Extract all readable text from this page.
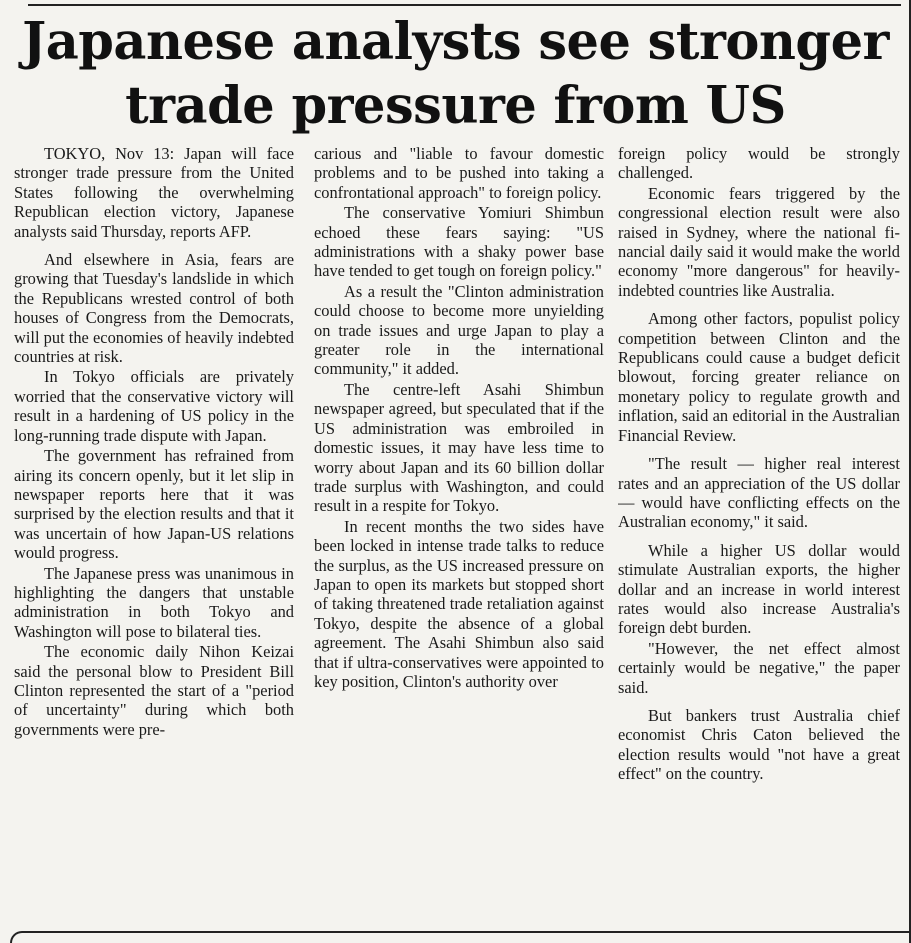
Japanese analysts see stronger
trade pressure from US

TOKYO, Nov 13: Japan will face stronger trade pressure from the United States following the overwhelming Republican election victory, Japanese analysts said Thursday, reports AFP.

And elsewhere in Asia, fears are growing that Tuesday's landslide in which the Republicans wrested control of both houses of Congress from the Democrats, will put the economies of heavily indebted countries at risk.

In Tokyo officials are privately worried that the conservative victory will result in a hardening of US policy in the long-running trade dispute with Japan.

The government has refrained from airing its concern openly, but it let slip in newspaper reports here that it was surprised by the election results and that it was uncertain of how Japan-US relations would progress.

The Japanese press was unanimous in highlighting the dangers that unstable administration in both Tokyo and Washington will pose to bilateral ties.

The economic daily Nihon Keizai said the personal blow to President Bill Clinton represented the start of a "period of uncertainty" during which both governments were pre-

carious and "liable to favour domestic problems and to be pushed into taking a confrontational approach" to foreign policy.

The conservative Yomiuri Shimbun echoed these fears saying: "US administrations with a shaky power base have tended to get tough on foreign policy."

As a result the "Clinton administration could choose to become more unyielding on trade issues and urge Japan to play a greater role in the international community," it added.

The centre-left Asahi Shimbun newspaper agreed, but speculated that if the US administration was embroiled in domestic issues, it may have less time to worry about Japan and its 60 billion dollar trade surplus with Washington, and could result in a respite for Tokyo.

In recent months the two sides have been locked in intense trade talks to reduce the surplus, as the US increased pressure on Japan to open its markets but stopped short of taking threatened trade retaliation against Tokyo, despite the absence of a global agreement. The Asahi Shimbun also said that if ultra-conservatives were appointed to key position, Clinton's authority over

foreign policy would be strongly challenged.

Economic fears triggered by the congressional election result were also raised in Sydney, where the national financial daily said it would make the world economy "more dangerous" for heavily-indebted countries like Australia.

Among other factors, populist policy competition between Clinton and the Republicans could cause a budget deficit blowout, forcing greater reliance on monetary policy to regulate growth and inflation, said an editorial in the Australian Financial Review.

"The result — higher real interest rates and an appreciation of the US dollar — would have conflicting effects on the Australian economy," it said.

While a higher US dollar would stimulate Australian exports, the higher dollar and an increase in world interest rates would also increase Australia's foreign debt burden.

"However, the net effect almost certainly would be negative," the paper said.

But bankers trust Australia chief economist Chris Caton believed the election results would "not have a great effect" on the country.
